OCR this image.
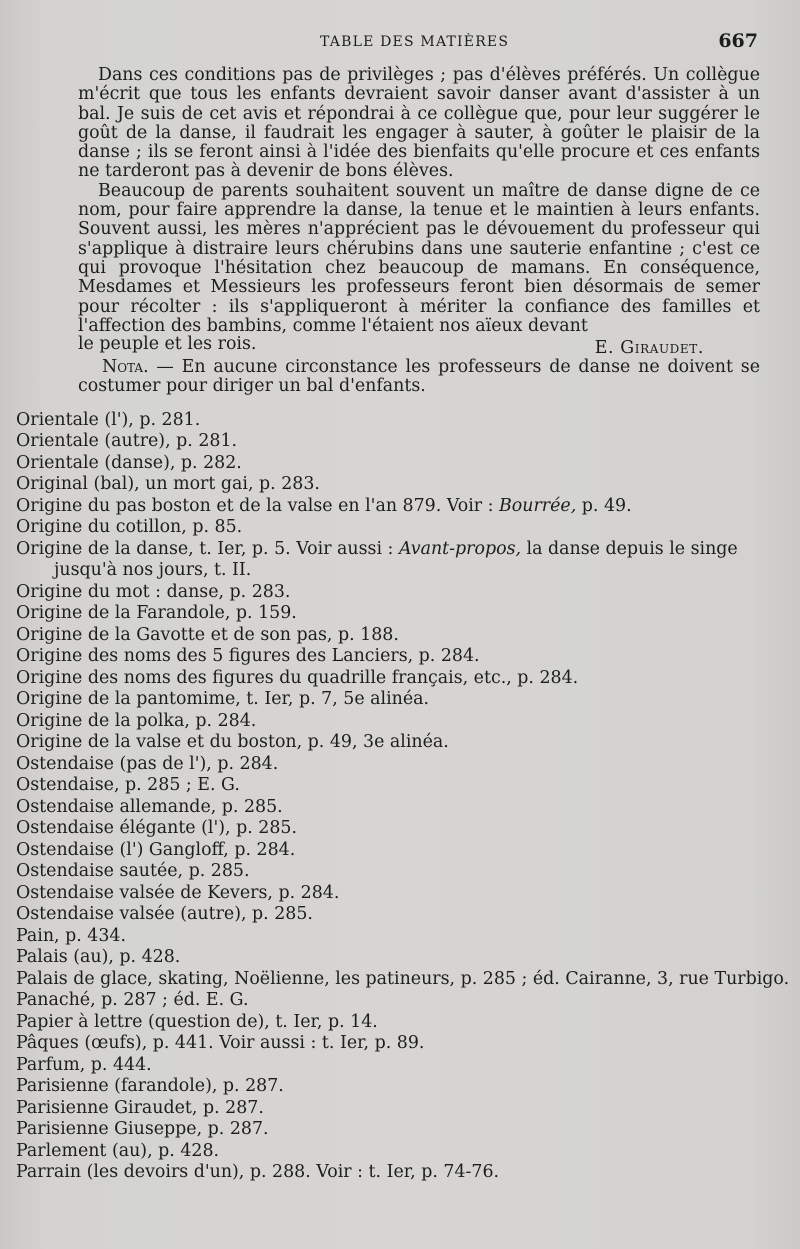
TABLE DES MATIÈRES	667

Dans ces conditions pas de privilèges ; pas d'élèves préférés. Un collègue m'écrit que tous les enfants devraient savoir danser avant d'assister à un bal. Je suis de cet avis et répondrai à ce collègue que, pour leur suggérer le goût de la danse, il faudrait les engager à sauter, à goûter le plaisir de la danse ; ils se feront ainsi à l'idée des bienfaits qu'elle procure et ces enfants ne tarderont pas à devenir de bons élèves.

Beaucoup de parents souhaitent souvent un maître de danse digne de ce nom, pour faire apprendre la danse, la tenue et le maintien à leurs enfants. Souvent aussi, les mères n'apprécient pas le dévouement du professeur qui s'applique à distraire leurs chérubins dans une sauterie enfantine ; c'est ce qui provoque l'hésitation chez beaucoup de mamans. En conséquence, Mesdames et Messieurs les professeurs feront bien désormais de semer pour récolter : ils s'appliqueront à mériter la confiance des familles et l'affection des bambins, comme l'étaient nos aïeux devant

le peuple et les rois.	E. Giraudet.

Nota. — En aucune circonstance les professeurs de danse ne doivent se costumer pour diriger un bal d'enfants.

Orientale (l'), p. 281.
Orientale (autre), p. 281.
Orientale (danse), p. 282.
Original (bal), un mort gai, p. 283.
Origine du pas boston et de la valse en l'an 879. Voir : Bourrée, p. 49.
Origine du cotillon, p. 85.
Origine de la danse, t. Ier, p. 5. Voir aussi : Avant-propos, la danse depuis le singe jusqu'à nos jours, t. II.
Origine du mot : danse, p. 283.
Origine de la Farandole, p. 159.
Origine de la Gavotte et de son pas, p. 188.
Origine des noms des 5 figures des Lanciers, p. 284.
Origine des noms des figures du quadrille français, etc., p. 284.
Origine de la pantomime, t. Ier, p. 7, 5e alinéa.
Origine de la polka, p. 284.
Origine de la valse et du boston, p. 49, 3e alinéa.
Ostendaise (pas de l'), p. 284.
Ostendaise, p. 285 ; E. G.
Ostendaise allemande, p. 285.
Ostendaise élégante (l'), p. 285.
Ostendaise (l') Gangloff, p. 284.
Ostendaise sautée, p. 285.
Ostendaise valsée de Kevers, p. 284.
Ostendaise valsée (autre), p. 285.
Pain, p. 434.
Palais (au), p. 428.
Palais de glace, skating, Noëlienne, les patineurs, p. 285 ; éd. Cairanne, 3, rue Turbigo.
Panaché, p. 287 ; éd. E. G.
Papier à lettre (question de), t. Ier, p. 14.
Pâques (œufs), p. 441. Voir aussi : t. Ier, p. 89.
Parfum, p. 444.
Parisienne (farandole), p. 287.
Parisienne Giraudet, p. 287.
Parisienne Giuseppe, p. 287.
Parlement (au), p. 428.
Parrain (les devoirs d'un), p. 288. Voir : t. Ier, p. 74-76.
